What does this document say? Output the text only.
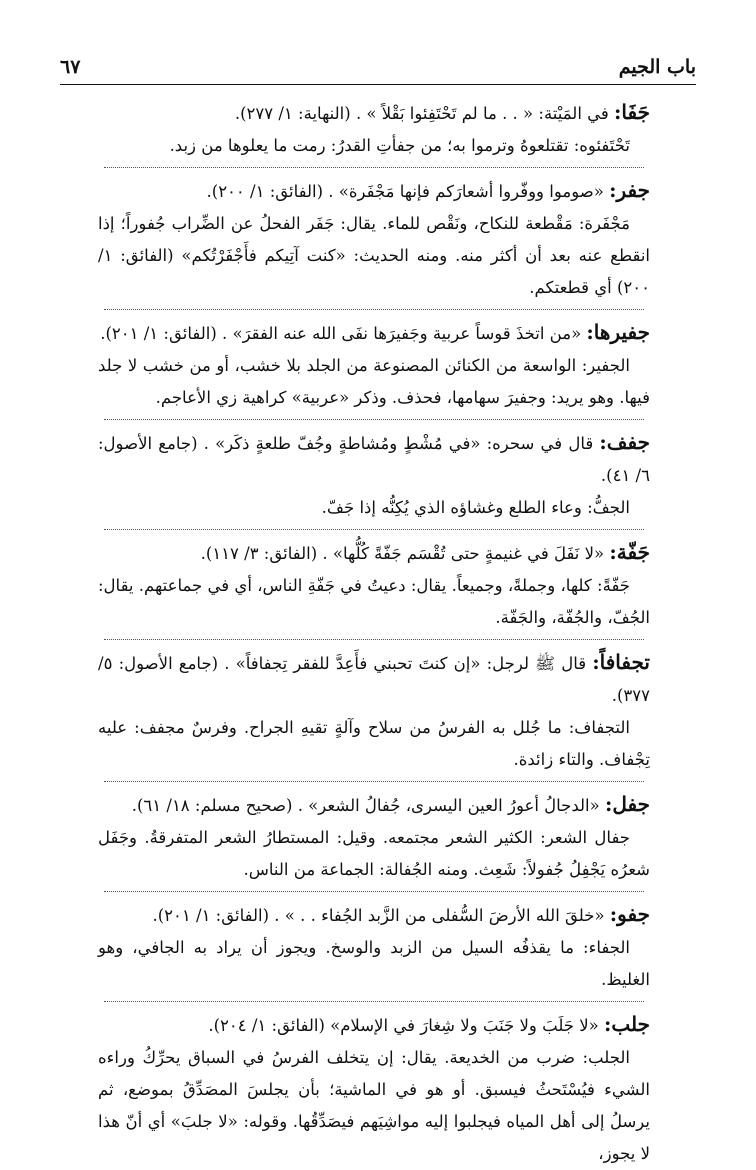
باب الجيم
٦٧

جَفَا: في المَيْتة: « . . ما لم تَحْتَفِئوا بَقْلاً » . (النهاية: ١/ ٢٧٧).

تَحْتَفئوه: تقتلعوهُ وترموا به؛ من جفأتِ القدرُ: رمت ما يعلوها من زبد.

جفر: «صوموا ووفّروا أشعارَكم فإنها مَجْفَرة» . (الفائق: ١/ ٢٠٠).

مَجْفَرة: مَقْطعة للنكاح، ونَقْص للماء. يقال: جَفَر الفحلُ عن الضِّراب جُفوراً؛ إذا انقطع عنه بعد أن أكثر منه. ومنه الحديث: «كنت آتِيكم فأَجْفَرْتُكم» (الفائق: ١/ ٢٠٠) أي قطعتكم.

جفيرها: «من اتخذَ قوساً عربية وجَفيرَها نفَى الله عنه الفقرَ» . (الفائق: ١/ ٢٠١).

الجفير: الواسعة من الكنائن المصنوعة من الجلد بلا خشب، أو من خشب لا جلد فيها. وهو يريد: وجفيرَ سهامها، فحذف. وذكر «عربية» كراهية زي الأعاجم.

جفف: قال في سحره: «في مُشْطٍ ومُشاطةٍ وجُفّ طلعةٍ ذكَر» . (جامع الأصول: ٦/ ٤١).

الجفُّ: وعاء الطلع وغشاؤه الذي يُكِنُّه إذا جَفّ.

جَفّة: «لا نَفَلَ في غنيمةٍ حتى تُقْسَم جَفّةً كُلُّها» . (الفائق: ٣/ ١١٧).

جَفّةً: كلها، وجملةً، وجميعاً. يقال: دعيتُ في جَفّةِ الناس، أي في جماعتهم. يقال: الجُفّ، والجُفّة، والجَفّة.

تجفافاً: قال ﷺ لرجل: «إن كنتَ تحبني فأَعِدَّ للفقر تِجفافاً» . (جامع الأصول: ٥/ ٣٧٧).

التجفاف: ما جُلل به الفرسُ من سلاح وآلةٍ تقيهِ الجراح. وفرسٌ مجفف: عليه تِجْفاف. والتاء زائدة.

جفل: «الدجالُ أعورُ العين اليسرى، جُفالُ الشعر» . (صحيح مسلم: ١٨/ ٦١).

جفال الشعر: الكثير الشعر مجتمعه. وقيل: المستطارُ الشعر المتفرقةُ. وجَفَل شعرُه يَجْفِلُ جُفولاً: شَعِث. ومنه الجُفالة: الجماعة من الناس.

جفو: «خلقَ الله الأرضَ السُّفلى من الزَّبد الجُفاء . . » . (الفائق: ١/ ٢٠١).

الجفاء: ما يقذفُه السيل من الزبد والوسخ. ويجوز أن يراد به الجافي، وهو الغليظ.

جلب: «لا جَلَبَ ولا جَنَبَ ولا شِغارَ في الإسلام» (الفائق: ١/ ٢٠٤).

الجلب: ضرب من الخديعة. يقال: إن يتخلف الفرسُ في السباق يحرِّكُ وراءه الشيء فيُسْتَحثُ فيسبق. أو هو في الماشية؛ بأن يجلسَ المصَدِّقُ بموضع، ثم يرسلُ إلى أهل المياه فيجلبوا إليه مواشِيَهم فيصَدِّقُها. وقوله: «لا جلبَ» أي أنّ هذا لا يجوز،
